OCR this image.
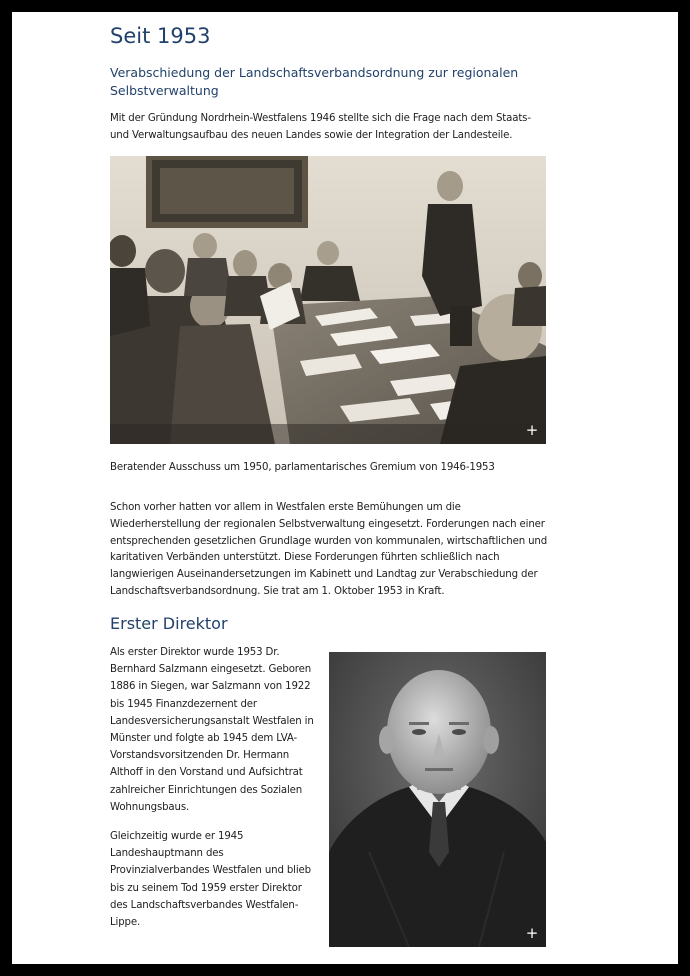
Seit 1953
Verabschiedung der Landschaftsverbandsordnung zur regionalen Selbstverwaltung

Mit der Gründung Nordrhein-Westfalens 1946 stellte sich die Frage nach dem Staats- und Verwaltungsaufbau des neuen Landes sowie der Integration der Landesteile.

+

Beratender Ausschuss um 1950, parlamentarisches Gremium von 1946-1953

Schon vorher hatten vor allem in Westfalen erste Bemühungen um die Wiederherstellung der regionalen Selbstverwaltung eingesetzt. Forderungen nach einer entsprechenden gesetzlichen Grundlage wurden von kommunalen, wirtschaftlichen und karitativen Verbänden unterstützt. Diese Forderungen führten schließlich nach langwierigen Auseinandersetzungen im Kabinett und Landtag zur Verabschiedung der Landschaftsverbandsordnung. Sie trat am 1. Oktober 1953 in Kraft.

Erster Direktor

Als erster Direktor wurde 1953 Dr. Bernhard Salzmann eingesetzt. Geboren 1886 in Siegen, war Salzmann von 1922 bis 1945 Finanzdezernent der Landesversicherungsanstalt Westfalen in Münster und folgte ab 1945 dem LVA-Vorstandsvorsitzenden Dr. Hermann Althoff in den Vorstand und Aufsichtrat zahlreicher Einrichtungen des Sozialen Wohnungsbaus.

Gleichzeitig wurde er 1945 Landeshauptmann des Provinzialverbandes Westfalen und blieb bis zu seinem Tod 1959 erster Direktor des Landschaftsverbandes Westfalen-Lippe.

+
